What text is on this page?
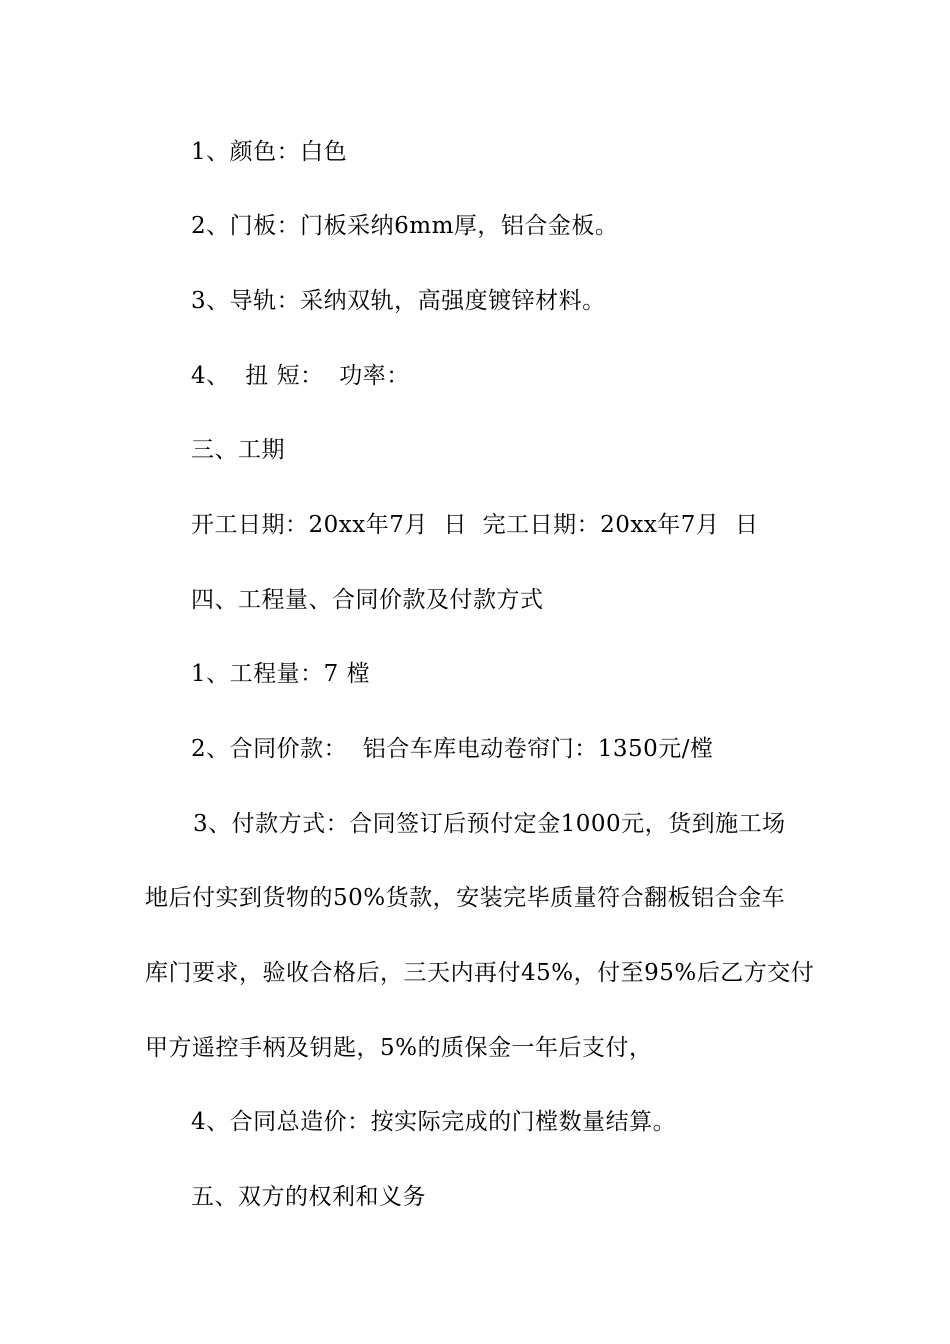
1、颜色：白色
2、门板：门板采纳6mm厚，铝合金板。
3、导轨：采纳双轨，高强度镀锌材料。
4、  扭 短：  功率：
三、工期
开工日期：20xx年7月  日  完工日期：20xx年7月  日
四、工程量、合同价款及付款方式
1、工程量：7 樘
2、合同价款：  铝合车库电动卷帘门：1350元/樘
3、付款方式：合同签订后预付定金1000元，货到施工场
地后付实到货物的50%货款，安装完毕质量符合翻板铝合金车
库门要求，验收合格后，三天内再付45%，付至95%后乙方交付
甲方遥控手柄及钥匙，5%的质保金一年后支付，
4、合同总造价：按实际完成的门樘数量结算。
五、双方的权利和义务
